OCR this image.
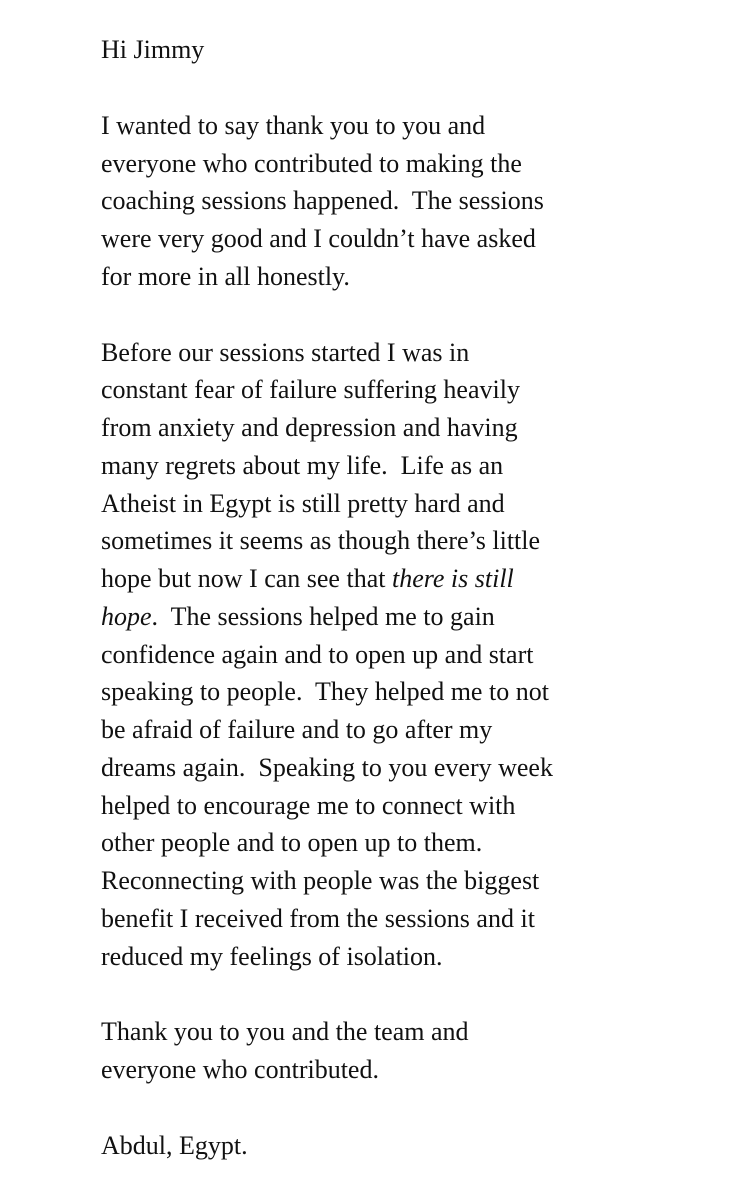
Hi Jimmy
I wanted to say thank you to you and
everyone who contributed to making the
coaching sessions happened.  The sessions
were very good and I couldn’t have asked
for more in all honestly.
Before our sessions started I was in
constant fear of failure suffering heavily
from anxiety and depression and having
many regrets about my life.  Life as an
Atheist in Egypt is still pretty hard and
sometimes it seems as though there’s little
hope but now I can see that there is still
hope.  The sessions helped me to gain
confidence again and to open up and start
speaking to people.  They helped me to not
be afraid of failure and to go after my
dreams again.  Speaking to you every week
helped to encourage me to connect with
other people and to open up to them.
Reconnecting with people was the biggest
benefit I received from the sessions and it
reduced my feelings of isolation.
Thank you to you and the team and
everyone who contributed.
Abdul, Egypt.
